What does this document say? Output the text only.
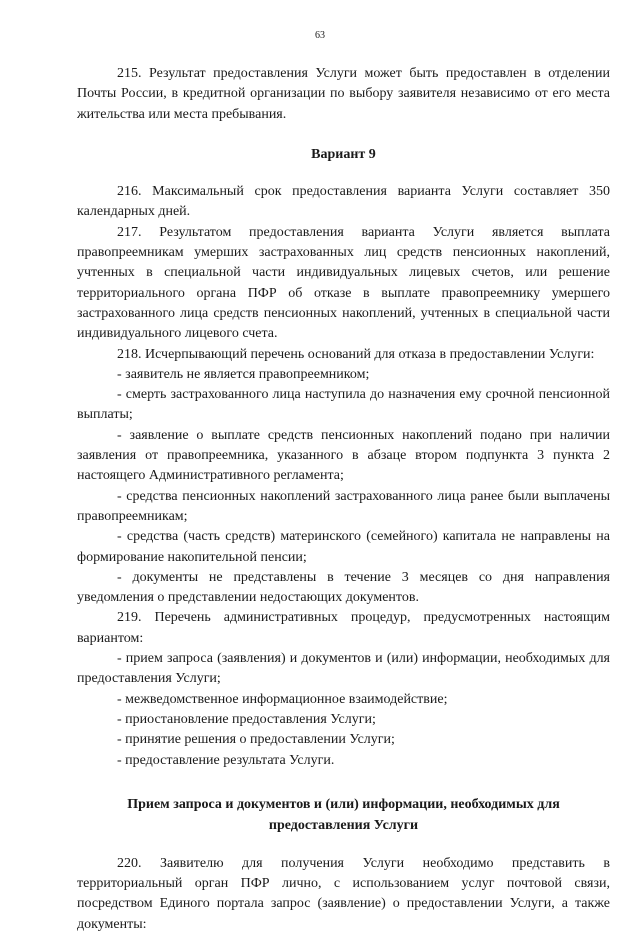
63

215. Результат предоставления Услуги может быть предоставлен в отделении Почты России, в кредитной организации по выбору заявителя независимо от его места жительства или места пребывания.

Вариант 9

216. Максимальный срок предоставления варианта Услуги составляет 350 календарных дней.

217. Результатом предоставления варианта Услуги является выплата правопреемникам умерших застрахованных лиц средств пенсионных накоплений, учтенных в специальной части индивидуальных лицевых счетов, или решение территориального органа ПФР об отказе в выплате правопреемнику умершего застрахованного лица средств пенсионных накоплений, учтенных в специальной части индивидуального лицевого счета.

218. Исчерпывающий перечень оснований для отказа в предоставлении Услуги:

- заявитель не является правопреемником;

- смерть застрахованного лица наступила до назначения ему срочной пенсионной выплаты;

- заявление о выплате средств пенсионных накоплений подано при наличии заявления от правопреемника, указанного в абзаце втором подпункта 3 пункта 2 настоящего Административного регламента;

- средства пенсионных накоплений застрахованного лица ранее были выплачены правопреемникам;

- средства (часть средств) материнского (семейного) капитала не направлены на формирование накопительной пенсии;

- документы не представлены в течение 3 месяцев со дня направления уведомления о представлении недостающих документов.

219. Перечень административных процедур, предусмотренных настоящим вариантом:

- прием запроса (заявления) и документов и (или) информации, необходимых для предоставления Услуги;

- межведомственное информационное взаимодействие;

- приостановление предоставления Услуги;

- принятие решения о предоставлении Услуги;

- предоставление результата Услуги.

Прием запроса и документов и (или) информации, необходимых для
предоставления Услуги

220. Заявителю для получения Услуги необходимо представить в территориальный орган ПФР лично, с использованием услуг почтовой связи, посредством Единого портала запрос (заявление) о предоставлении Услуги, а также документы:
